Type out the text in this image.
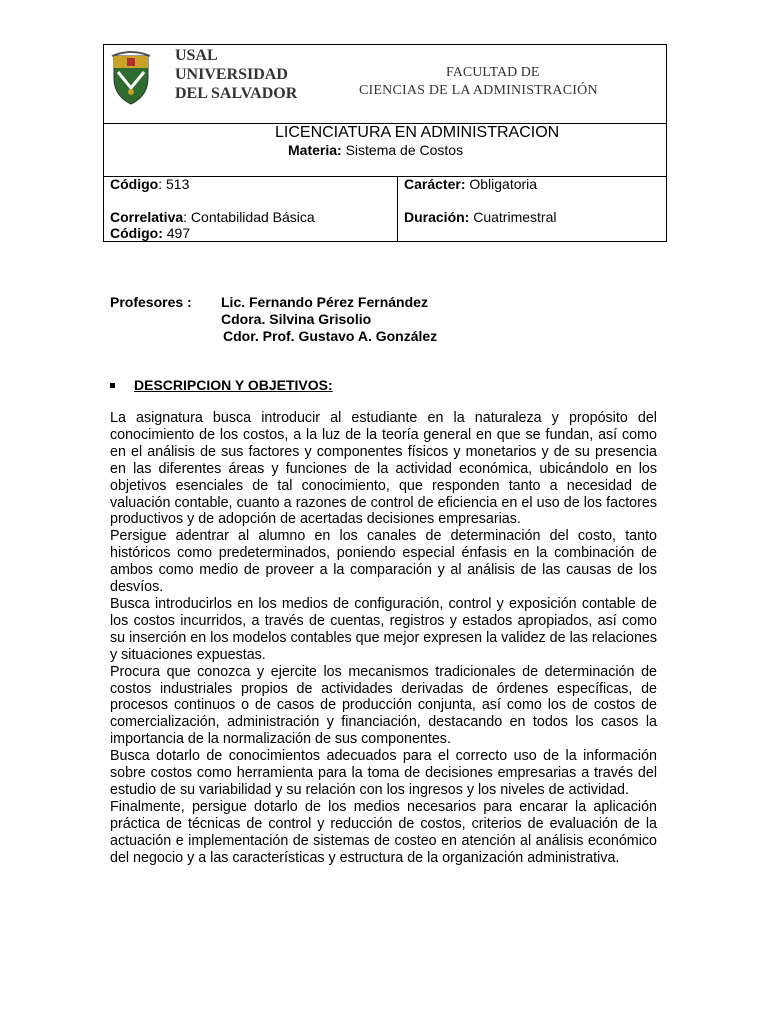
USAL
UNIVERSIDAD
DEL SALVADOR
FACULTAD DE
CIENCIAS DE LA ADMINISTRACIÓN
LICENCIATURA EN ADMINISTRACION
Materia: Sistema de Costos
Código: 513
Correlativa: Contabilidad Básica
Código: 497
Carácter: Obligatoria
Duración: Cuatrimestral
Profesores :	Lic. Fernando Pérez Fernández
Cdora. Silvina Grisolio
Cdor. Prof. Gustavo A. González
DESCRIPCION Y OBJETIVOS:

La asignatura busca introducir al estudiante en la naturaleza y propósito del conocimiento de los costos, a la luz de la teoría general en que se fundan, así como en el análisis de sus factores y componentes físicos y monetarios y de su presencia en las diferentes áreas y funciones de la actividad económica, ubicándolo en los objetivos esenciales de tal conocimiento, que responden tanto a necesidad de valuación contable, cuanto a razones de control de eficiencia en el uso de los factores productivos y de adopción de acertadas decisiones empresarias.

Persigue adentrar al alumno en los canales de determinación del costo, tanto históricos como predeterminados, poniendo especial énfasis en la combinación de ambos como medio de proveer a la comparación y al análisis de las causas de los desvíos.

Busca introducirlos en los medios de configuración, control y exposición contable de los costos incurridos, a través de cuentas, registros y estados apropiados, así como su inserción en los modelos contables que mejor expresen la validez de las relaciones y situaciones expuestas.

Procura que conozca y ejercite los mecanismos tradicionales de determinación de costos industriales propios de actividades derivadas de órdenes específicas, de procesos continuos o de casos de producción conjunta, así como los de costos de comercialización, administración y financiación, destacando en todos los casos la importancia de la normalización de sus componentes.

Busca dotarlo de conocimientos adecuados para el correcto uso de la información sobre costos como herramienta para la toma de decisiones empresarias a través del estudio de su variabilidad y su relación con los ingresos y los niveles de actividad.

Finalmente, persigue dotarlo de los medios necesarios para encarar la aplicación práctica de técnicas de control y reducción de costos, criterios de evaluación de la actuación e implementación de sistemas de costeo en atención al análisis económico del negocio y a las características y estructura de la organización administrativa.
